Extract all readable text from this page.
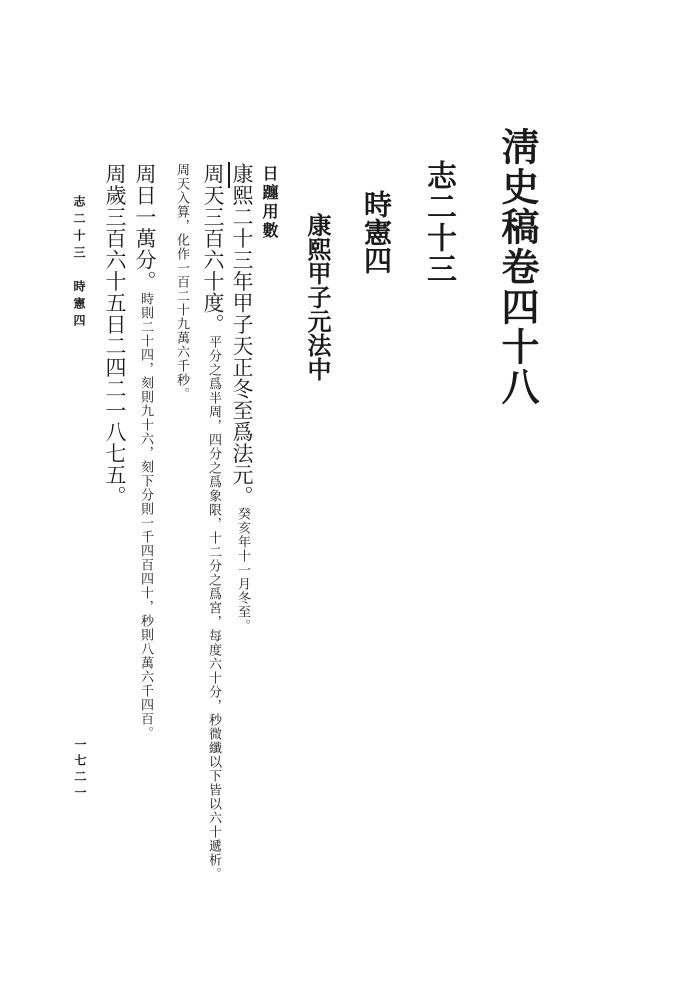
淸史稿卷四十八
志二十三
時憲四
康熙甲子元法中
日躔用數
康熙二十三年甲子天正冬至爲法元。癸亥年十一月冬至。
周天三百六十度。平分之爲半周，四分之爲象限，十二分之爲宮，每度六十分，秒微纖以下皆以六十遞析。
周天入算，化作一百二十九萬六千秒。
周日一萬分。時則二十四，刻則九十六，刻下分則一千四百四十，秒則八萬六千四百。
周歲三百六十五日二四二一八七五。
志二十三　時憲四
一七二一
